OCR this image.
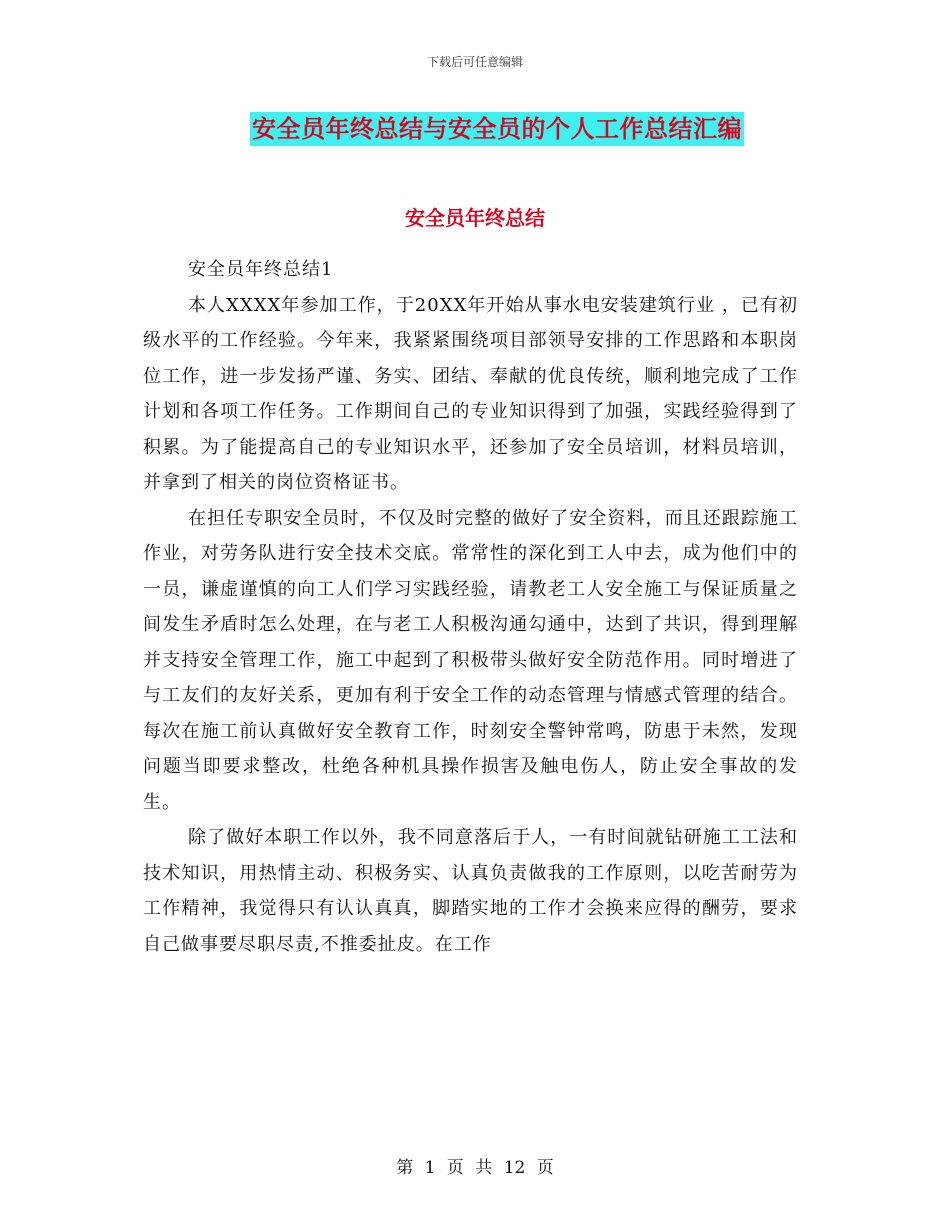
下载后可任意编辑
安全员年终总结与安全员的个人工作总结汇编
安全员年终总结

安全员年终总结1

本人XXXX年参加工作，于20XX年开始从事水电安装建筑行业 ，已有初级水平的工作经验。今年来，我紧紧围绕项目部领导安排的工作思路和本职岗位工作，进一步发扬严谨、务实、团结、奉献的优良传统，顺利地完成了工作计划和各项工作任务。工作期间自己的专业知识得到了加强，实践经验得到了积累。为了能提高自己的专业知识水平，还参加了安全员培训，材料员培训，并拿到了相关的岗位资格证书。

在担任专职安全员时，不仅及时完整的做好了安全资料，而且还跟踪施工作业，对劳务队进行安全技术交底。常常性的深化到工人中去，成为他们中的一员，谦虚谨慎的向工人们学习实践经验，请教老工人安全施工与保证质量之间发生矛盾时怎么处理，在与老工人积极沟通勾通中，达到了共识，得到理解并支持安全管理工作，施工中起到了积极带头做好安全防范作用。同时增进了与工友们的友好关系，更加有利于安全工作的动态管理与情感式管理的结合。每次在施工前认真做好安全教育工作，时刻安全警钟常鸣，防患于未然，发现问题当即要求整改，杜绝各种机具操作损害及触电伤人，防止安全事故的发生。

除了做好本职工作以外，我不同意落后于人，一有时间就钻研施工工法和技术知识，用热情主动、积极务实、认真负责做我的工作原则，以吃苦耐劳为工作精神，我觉得只有认认真真，脚踏实地的工作才会换来应得的酬劳，要求自己做事要尽职尽责,不推委扯皮。在工作

第 1 页 共 12 页
